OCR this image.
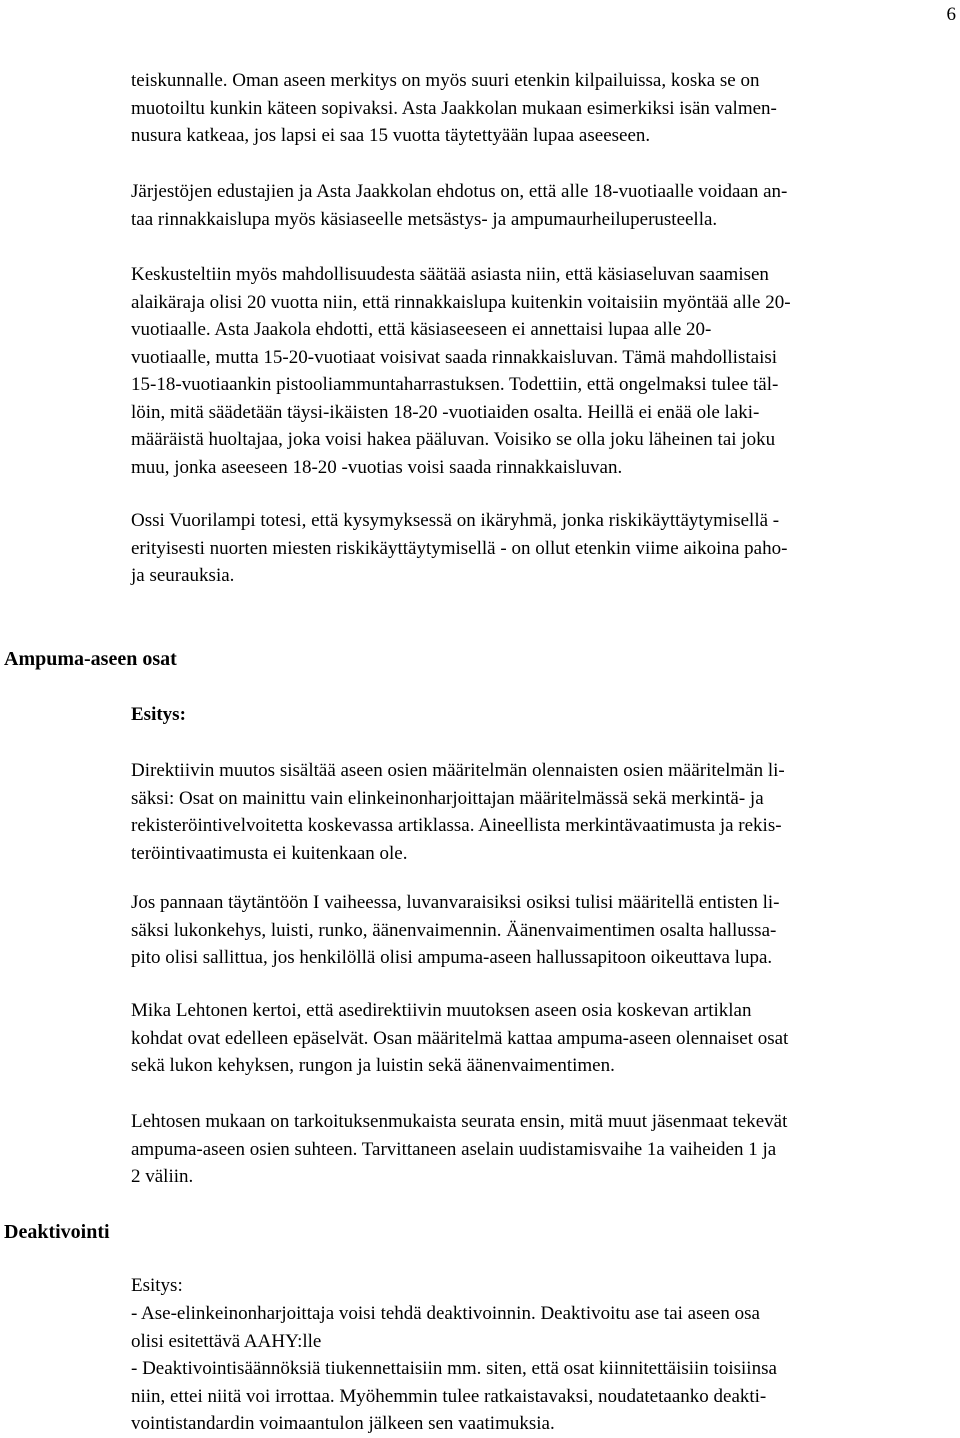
6

teiskunnalle. Oman aseen merkitys on myös suuri etenkin kilpailuissa, koska se on
muotoiltu kunkin käteen sopivaksi. Asta Jaakkolan mukaan esimerkiksi isän valmen-
nusura katkeaa, jos lapsi ei saa 15 vuotta täytettyään lupaa aseeseen.

Järjestöjen edustajien ja Asta Jaakkolan ehdotus on, että alle 18-vuotiaalle voidaan an-
taa rinnakkaislupa myös käsiaseelle metsästys- ja ampumaurheiluperusteella.

Keskusteltiin myös mahdollisuudesta säätää asiasta niin, että käsiaseluvan saamisen
alaikäraja olisi 20 vuotta niin, että rinnakkaislupa kuitenkin voitaisiin myöntää alle 20-
vuotiaalle. Asta Jaakola ehdotti, että käsiaseeseen ei annettaisi lupaa alle 20-
vuotiaalle, mutta 15-20-vuotiaat voisivat saada rinnakkaisluvan. Tämä mahdollistaisi
15-18-vuotiaankin pistooliammuntaharrastuksen. Todettiin, että ongelmaksi tulee täl-
löin, mitä säädetään täysi-ikäisten 18-20 -vuotiaiden osalta. Heillä ei enää ole laki-
määräistä huoltajaa, joka voisi hakea pääluvan. Voisiko se olla joku läheinen tai joku
muu, jonka aseeseen 18-20 -vuotias voisi saada rinnakkaisluvan.

Ossi Vuorilampi totesi, että kysymyksessä on ikäryhmä, jonka riskikäyttäytymisellä -
erityisesti nuorten miesten riskikäyttäytymisellä - on ollut etenkin viime aikoina paho-
ja seurauksia.

Ampuma-aseen osat

Esitys:

Direktiivin muutos sisältää aseen osien määritelmän olennaisten osien määritelmän li-
säksi: Osat on mainittu vain elinkeinonharjoittajan määritelmässä sekä merkintä- ja
rekisteröintivelvoitetta koskevassa artiklassa. Aineellista merkintävaatimusta ja rekis-
teröintivaatimusta ei kuitenkaan ole.

Jos pannaan täytäntöön I vaiheessa, luvanvaraisiksi osiksi tulisi määritellä entisten li-
säksi lukonkehys, luisti, runko, äänenvaimennin. Äänenvaimentimen osalta hallussa-
pito olisi sallittua, jos henkilöllä olisi ampuma-aseen hallussapitoon oikeuttava lupa.

Mika Lehtonen kertoi, että asedirektiivin muutoksen aseen osia koskevan artiklan
kohdat ovat edelleen epäselvät. Osan määritelmä kattaa ampuma-aseen olennaiset osat
sekä lukon kehyksen, rungon ja luistin sekä äänenvaimentimen.

Lehtosen mukaan on tarkoituksenmukaista seurata ensin, mitä muut jäsenmaat tekevät
ampuma-aseen osien suhteen. Tarvittaneen aselain uudistamisvaihe 1a vaiheiden 1 ja
2 väliin.

Deaktivointi

Esitys:

- Ase-elinkeinonharjoittaja voisi tehdä deaktivoinnin. Deaktivoitu ase tai aseen osa
olisi esitettävä AAHY:lle
- Deaktivointisäännöksiä tiukennettaisiin mm. siten, että osat kiinnitettäisiin toisiinsa
niin, ettei niitä voi irrottaa. Myöhemmin tulee ratkaistavaksi, noudatetaanko deakti-
vointistandardin voimaantulon jälkeen sen vaatimuksia.
